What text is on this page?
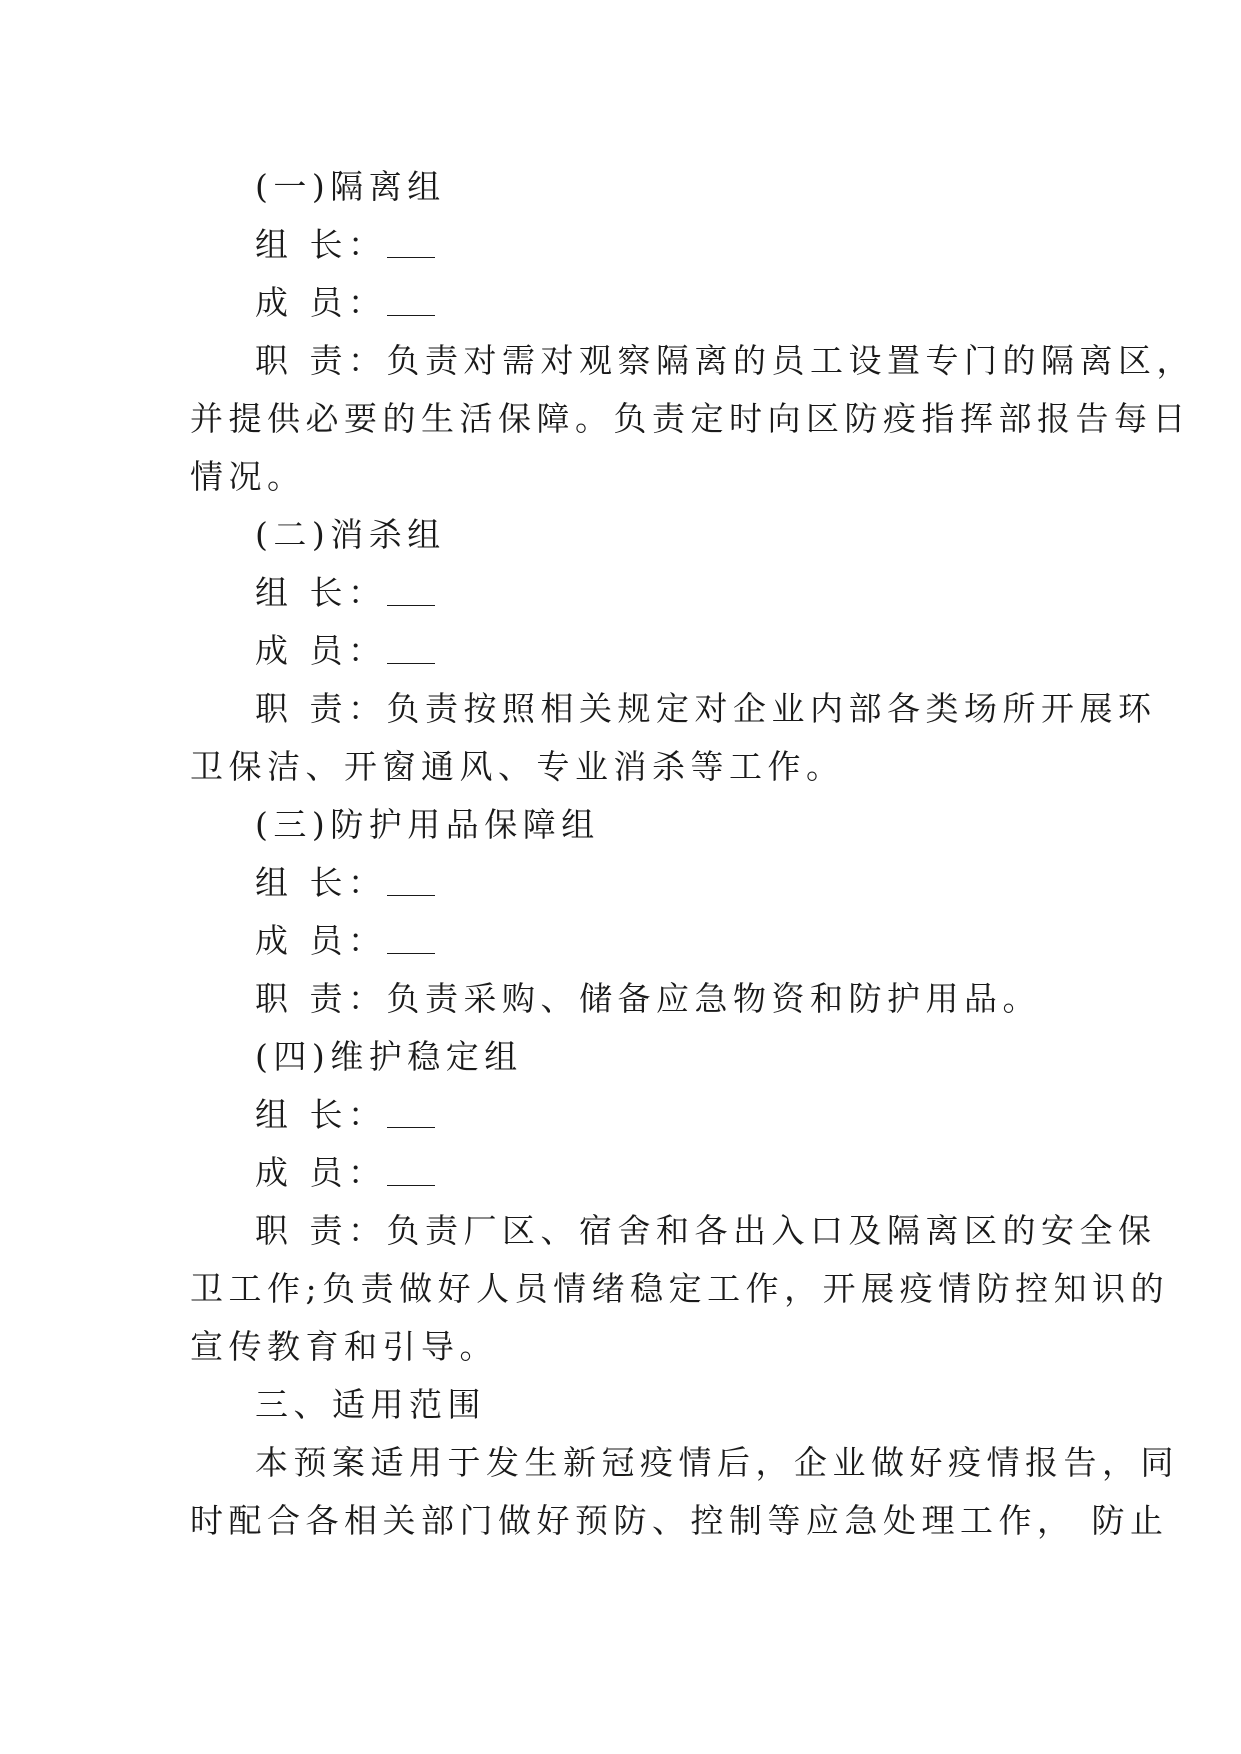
(一)隔离组
组 长：
成 员：
职 责：负责对需对观察隔离的员工设置专门的隔离区，
并提供必要的生活保障。负责定时向区防疫指挥部报告每日
情况。
(二)消杀组
组 长：
成 员：
职 责：负责按照相关规定对企业内部各类场所开展环
卫保洁、开窗通风、专业消杀等工作。
(三)防护用品保障组
组 长：
成 员：
职 责：负责采购、储备应急物资和防护用品。
(四)维护稳定组
组 长：
成 员：
职 责：负责厂区、宿舍和各出入口及隔离区的安全保
卫工作;负责做好人员情绪稳定工作，开展疫情防控知识的
宣传教育和引导。
三、适用范围
本预案适用于发生新冠疫情后，企业做好疫情报告，同
时配合各相关部门做好预防、控制等应急处理工作， 防止
